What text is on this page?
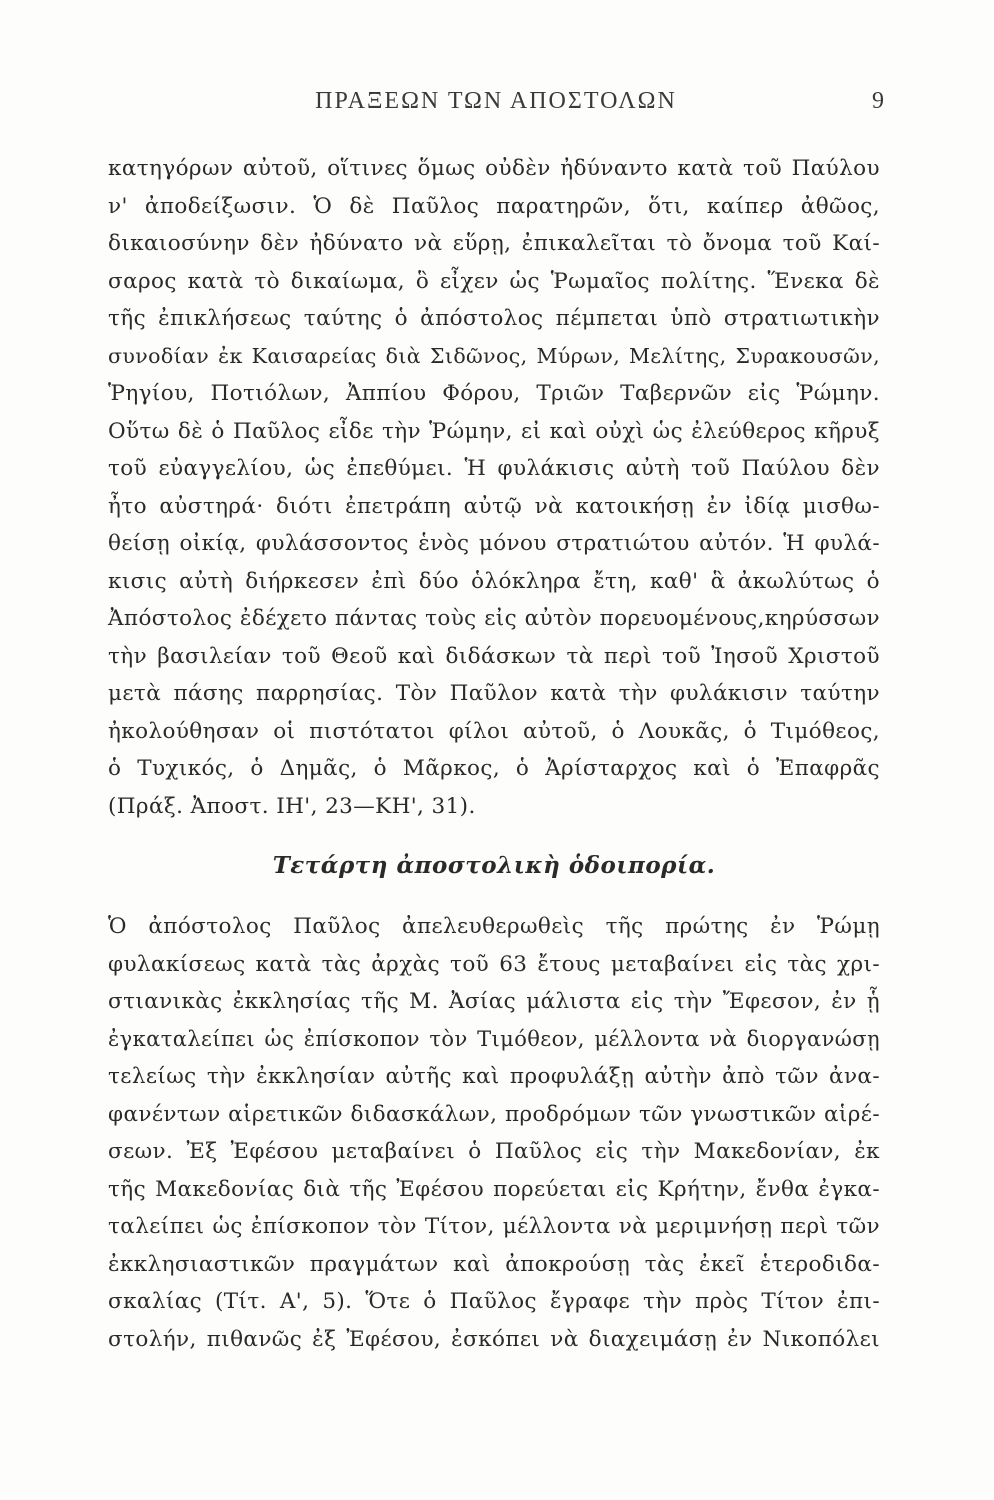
ΠΡΑΞΕΩΝ ΤΩΝ ΑΠΟΣΤΟΛΩΝ	9
κατηγόρων αὐτοῦ, οἵτινες ὅμως οὐδὲν ἠδύναντο κατὰ τοῦ Παύλου
ν' ἀποδείξωσιν. Ὁ δὲ Παῦλος παρατηρῶν, ὅτι, καίπερ ἀθῶος,
δικαιοσύνην δὲν ἠδύνατο νὰ εὕρῃ, ἐπικαλεῖται τὸ ὄνομα τοῦ Καί-
σαρος κατὰ τὸ δικαίωμα, ὃ εἶχεν ὡς Ῥωμαῖος πολίτης. Ἕνεκα δὲ
τῆς ἐπικλήσεως ταύτης ὁ ἀπόστολος πέμπεται ὑπὸ στρατιωτικὴν
συνοδίαν ἐκ Καισαρείας διὰ Σιδῶνος, Μύρων, Μελίτης, Συρακουσῶν,
Ῥηγίου, Ποτιόλων, Ἀππίου Φόρου, Τριῶν Ταβερνῶν εἰς Ῥώμην.
Οὕτω δὲ ὁ Παῦλος εἶδε τὴν Ῥώμην, εἰ καὶ οὐχὶ ὡς ἐλεύθερος κῆρυξ
τοῦ εὐαγγελίου, ὡς ἐπεθύμει. Ἡ φυλάκισις αὐτὴ τοῦ Παύλου δὲν
ἦτο αὐστηρά· διότι ἐπετράπη αὐτῷ νὰ κατοικήσῃ ἐν ἰδίᾳ μισθω-
θείσῃ οἰκίᾳ, φυλάσσοντος ἑνὸς μόνου στρατιώτου αὐτόν. Ἡ φυλά-
κισις αὐτὴ διήρκεσεν ἐπὶ δύο ὁλόκληρα ἔτη, καθ' ἃ ἀκωλύτως ὁ
Ἀπόστολος ἐδέχετο πάντας τοὺς εἰς αὐτὸν πορευομένους,κηρύσσων
τὴν βασιλείαν τοῦ Θεοῦ καὶ διδάσκων τὰ περὶ τοῦ Ἰησοῦ Χριστοῦ
μετὰ πάσης παρρησίας. Τὸν Παῦλον κατὰ τὴν φυλάκισιν ταύτην
ἠκολούθησαν οἱ πιστότατοι φίλοι αὐτοῦ, ὁ Λουκᾶς, ὁ Τιμόθεος,
ὁ Τυχικός, ὁ Δημᾶς, ὁ Μᾶρκος, ὁ Ἀρίσταρχος καὶ ὁ Ἐπαφρᾶς
(Πράξ. Ἀποστ. ΙΗ', 23—ΚΗ', 31).
Τετάρτη ἀποστολικὴ ὁδοιπορία.
Ὁ ἀπόστολος Παῦλος ἀπελευθερωθεὶς τῆς πρώτης ἐν Ῥώμῃ
φυλακίσεως κατὰ τὰς ἀρχὰς τοῦ 63 ἔτους μεταβαίνει εἰς τὰς χρι-
στιανικὰς ἐκκλησίας τῆς Μ. Ἀσίας μάλιστα εἰς τὴν Ἔφεσον, ἐν ᾗ
ἐγκαταλείπει ὡς ἐπίσκοπον τὸν Τιμόθεον, μέλλοντα νὰ διοργανώσῃ
τελείως τὴν ἐκκλησίαν αὐτῆς καὶ προφυλάξῃ αὐτὴν ἀπὸ τῶν ἀνα-
φανέντων αἱρετικῶν διδασκάλων, προδρόμων τῶν γνωστικῶν αἱρέ-
σεων. Ἐξ Ἐφέσου μεταβαίνει ὁ Παῦλος εἰς τὴν Μακεδονίαν, ἐκ
τῆς Μακεδονίας διὰ τῆς Ἐφέσου πορεύεται εἰς Κρήτην, ἔνθα ἐγκα-
ταλείπει ὡς ἐπίσκοπον τὸν Τίτον, μέλλοντα νὰ μεριμνήσῃ περὶ τῶν
ἐκκλησιαστικῶν πραγμάτων καὶ ἀποκρούσῃ τὰς ἐκεῖ ἑτεροδιδα-
σκαλίας (Τίτ. Α', 5). Ὅτε ὁ Παῦλος ἔγραφε τὴν πρὸς Τίτον ἐπι-
στολήν, πιθανῶς ἐξ Ἐφέσου, ἐσκόπει νὰ διαχειμάσῃ ἐν Νικοπόλει
